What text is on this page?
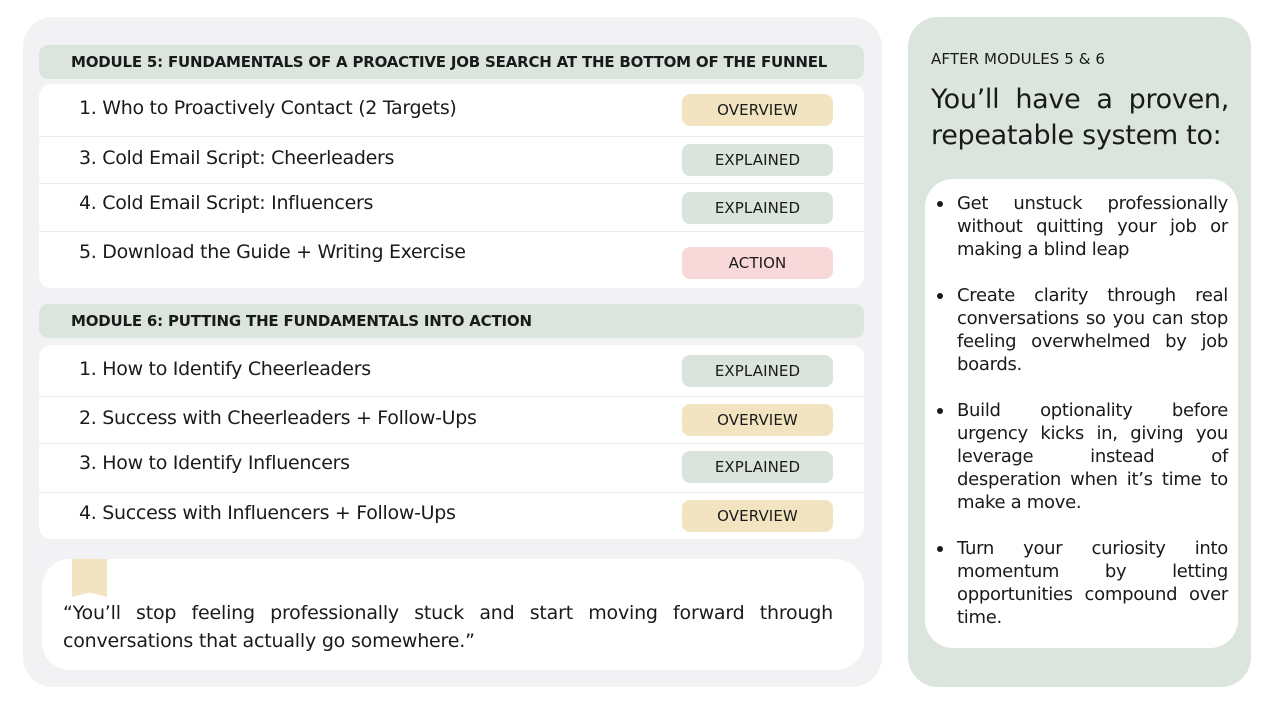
MODULE 5: FUNDAMENTALS OF A PROACTIVE JOB SEARCH AT THE BOTTOM OF THE FUNNEL
1. Who to Proactively Contact (2 Targets)	OVERVIEW
3. Cold Email Script: Cheerleaders	EXPLAINED
4. Cold Email Script: Influencers	EXPLAINED
5. Download the Guide + Writing Exercise	ACTION
MODULE 6: PUTTING THE FUNDAMENTALS INTO ACTION
1. How to Identify Cheerleaders	EXPLAINED
2. Success with Cheerleaders + Follow-Ups	OVERVIEW
3. How to Identify Influencers	EXPLAINED
4. Success with Influencers + Follow-Ups	OVERVIEW

“You’ll stop feeling professionally stuck and start moving forward through conversations that actually go somewhere.”

AFTER MODULES 5 & 6
You’ll have a proven, repeatable system to:

Get unstuck professionally without quitting your job or making a blind leap

Create clarity through real conversations so you can stop feeling overwhelmed by job boards.

Build optionality before urgency kicks in, giving you leverage instead of desperation when it’s time to make a move.

Turn your curiosity into momentum by letting opportunities compound over time.
